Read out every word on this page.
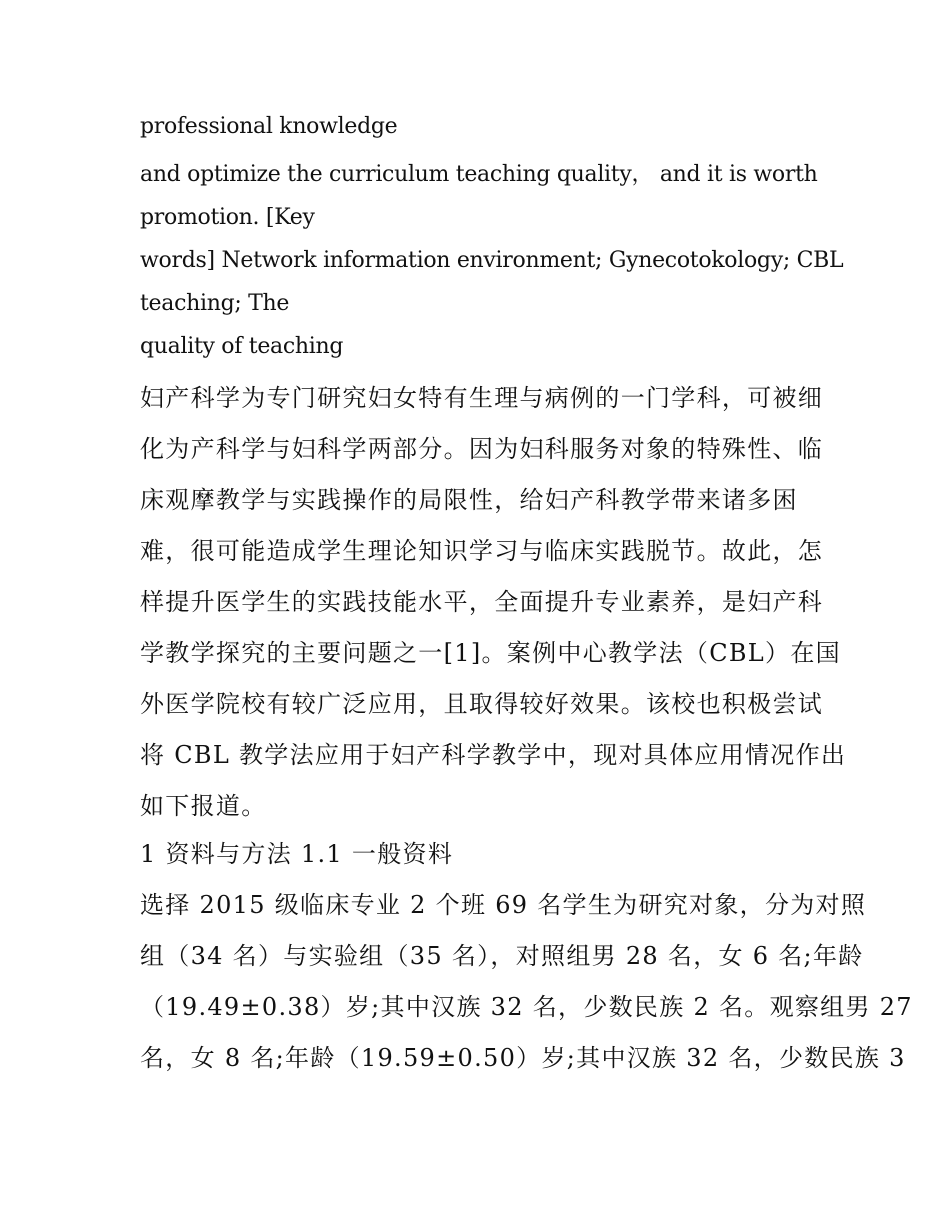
professional knowledge
and optimize the curriculum teaching quality， and it is worth
promotion. [Key
words] Network information environment; Gynecotokology; CBL
teaching; The
quality of teaching
妇产科学为专门研究妇女特有生理与病例的一门学科，可被细
化为产科学与妇科学两部分。因为妇科服务对象的特殊性、临
床观摩教学与实践操作的局限性，给妇产科教学带来诸多困
难，很可能造成学生理论知识学习与临床实践脱节。故此，怎
样提升医学生的实践技能水平，全面提升专业素养，是妇产科
学教学探究的主要问题之一[1]。案例中心教学法（CBL）在国
外医学院校有较广泛应用，且取得较好效果。该校也积极尝试
将 CBL 教学法应用于妇产科学教学中，现对具体应用情况作出
如下报道。
1 资料与方法 1.1 一般资料
选择 2015 级临床专业 2 个班 69 名学生为研究对象，分为对照
组（34 名）与实验组（35 名），对照组男 28 名，女 6 名;年龄
（19.49±0.38）岁;其中汉族 32 名，少数民族 2 名。观察组男 27
名，女 8 名;年龄（19.59±0.50）岁;其中汉族 32 名，少数民族 3
